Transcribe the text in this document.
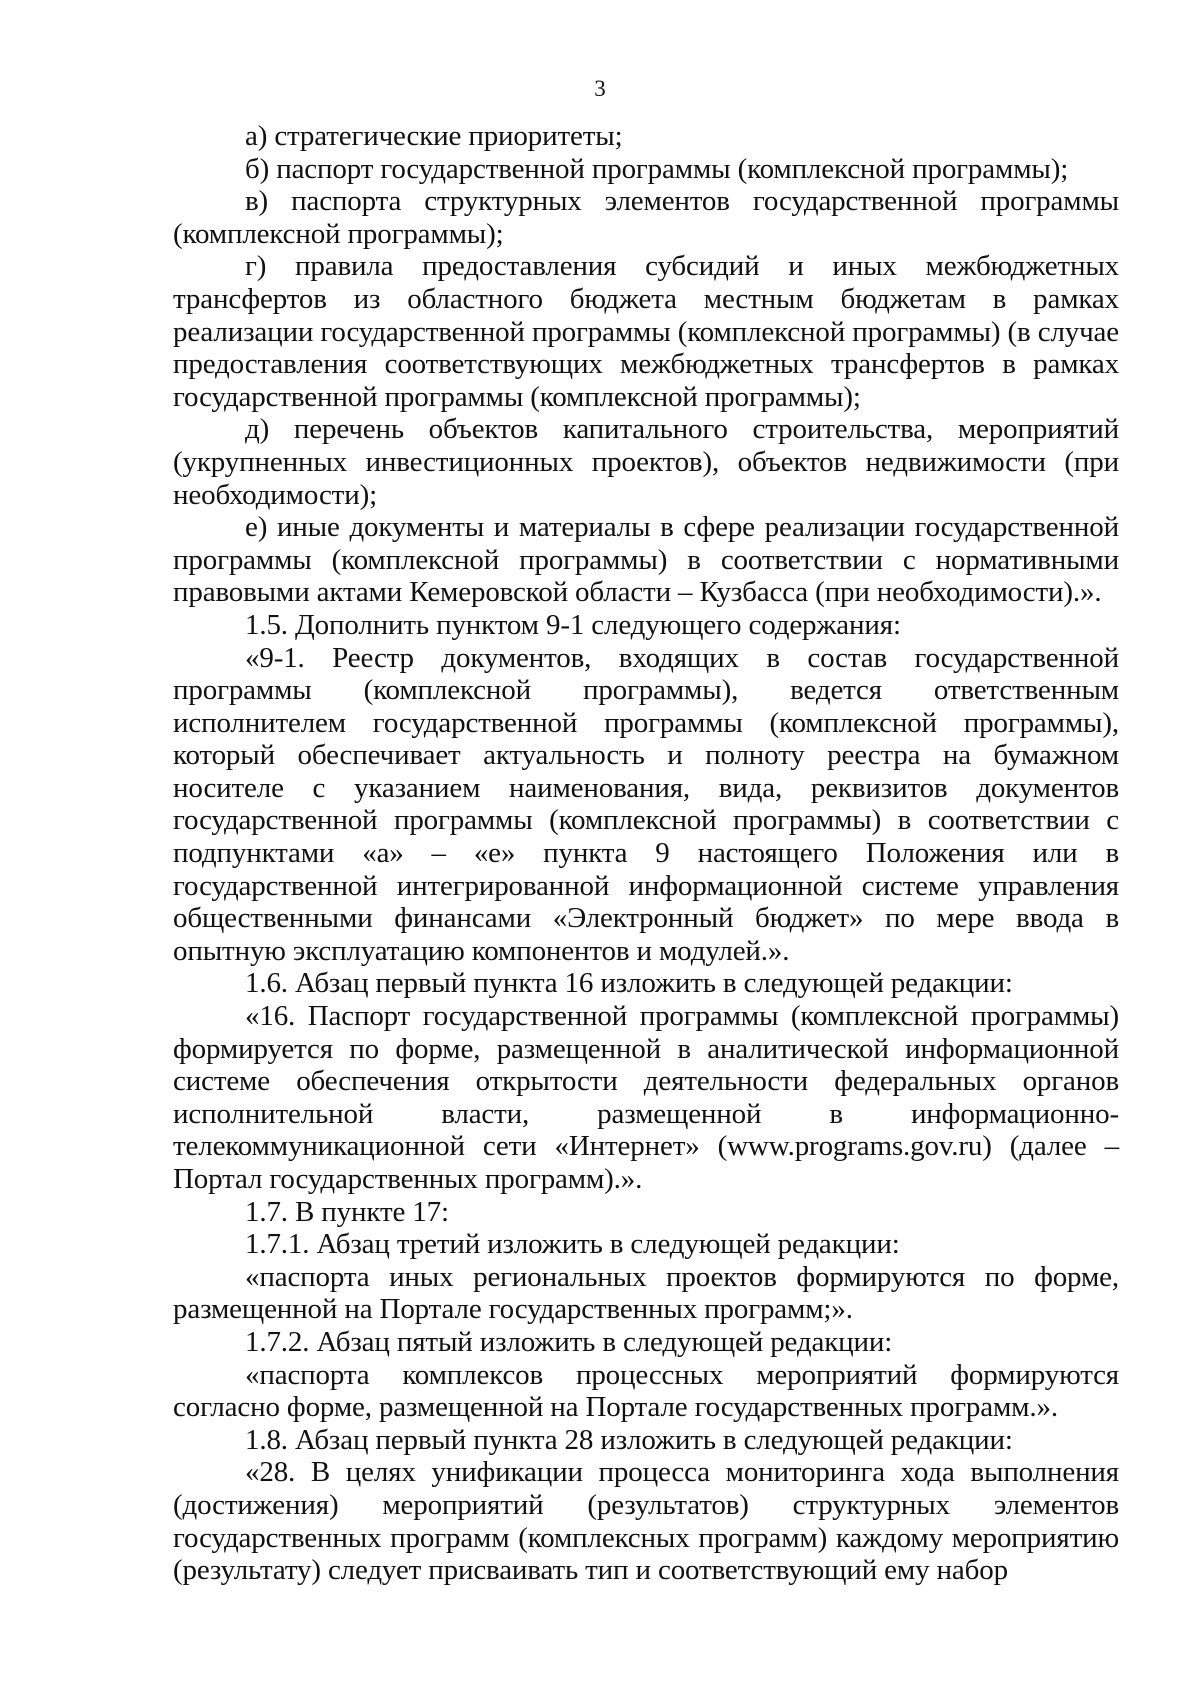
3

а) стратегические приоритеты;

б) паспорт государственной программы (комплексной программы);

в) паспорта структурных элементов государственной программы (комплексной программы);

г) правила предоставления субсидий и иных межбюджетных трансфертов из областного бюджета местным бюджетам в рамках реализации государственной программы (комплексной программы) (в случае предоставления соответствующих межбюджетных трансфертов в рамках государственной программы (комплексной программы);

д) перечень объектов капитального строительства, мероприятий (укрупненных инвестиционных проектов), объектов недвижимости (при необходимости);

е) иные документы и материалы в сфере реализации государственной программы (комплексной программы) в соответствии с нормативными правовыми актами Кемеровской области – Кузбасса (при необходимости).».

1.5. Дополнить пунктом 9-1 следующего содержания:

«9-1. Реестр документов, входящих в состав государственной программы (комплексной программы), ведется ответственным исполнителем государственной программы (комплексной программы), который обеспечивает актуальность и полноту реестра на бумажном носителе с указанием наименования, вида, реквизитов документов государственной программы (комплексной программы) в соответствии с подпунктами «а» – «е» пункта 9 настоящего Положения или в государственной интегрированной информационной системе управления общественными финансами «Электронный бюджет» по мере ввода в опытную эксплуатацию компонентов и модулей.».

1.6. Абзац первый пункта 16 изложить в следующей редакции:

«16. Паспорт государственной программы (комплексной программы) формируется по форме, размещенной в аналитической информационной системе обеспечения открытости деятельности федеральных органов исполнительной власти, размещенной в информационно-телекоммуникационной сети «Интернет» (www.programs.gov.ru) (далее – Портал государственных программ).».

1.7. В пункте 17:

1.7.1. Абзац третий изложить в следующей редакции:

«паспорта иных региональных проектов формируются по форме, размещенной на Портале государственных программ;».

1.7.2. Абзац пятый изложить в следующей редакции:

«паспорта комплексов процессных мероприятий формируются согласно форме, размещенной на Портале государственных программ.».

1.8. Абзац первый пункта 28 изложить в следующей редакции:

«28. В целях унификации процесса мониторинга хода выполнения (достижения) мероприятий (результатов) структурных элементов государственных программ (комплексных программ) каждому мероприятию (результату) следует присваивать тип и соответствующий ему набор
